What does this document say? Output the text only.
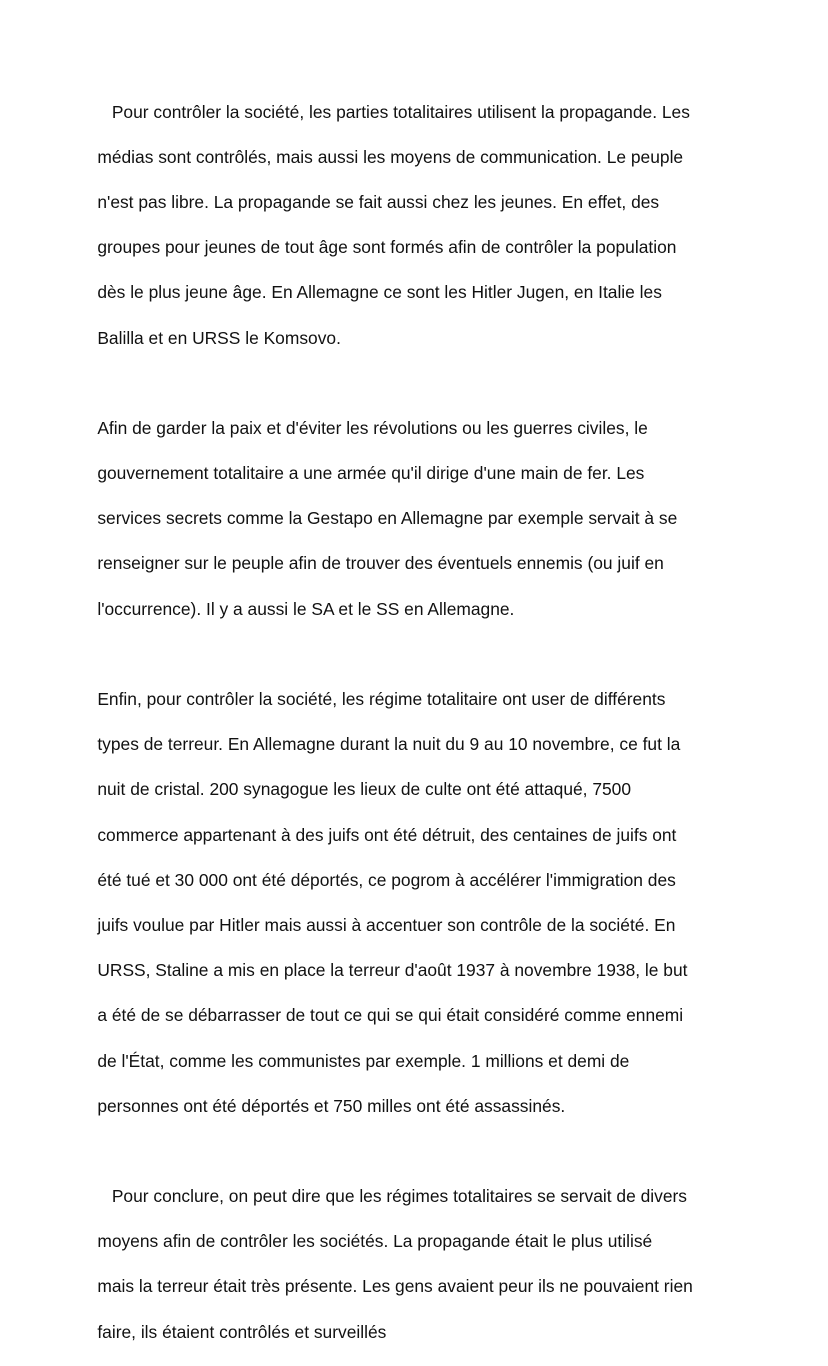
Pour contrôler la société, les parties totalitaires utilisent la propagande. Les

médias sont contrôlés, mais aussi les moyens de communication. Le peuple

n'est pas libre. La propagande se fait aussi chez les jeunes. En effet, des

groupes pour jeunes de tout âge sont formés afin de contrôler la population

dès le plus jeune âge. En Allemagne ce sont les Hitler Jugen, en Italie les

Balilla et en URSS le Komsovo.

Afin de garder la paix et d'éviter les révolutions ou les guerres civiles, le

gouvernement totalitaire a une armée qu'il dirige d'une main de fer. Les

services secrets comme la Gestapo en Allemagne par exemple servait à se

renseigner sur le peuple afin de trouver des éventuels ennemis (ou juif en

l'occurrence). Il y a aussi le SA et le SS en Allemagne.

Enfin, pour contrôler la société, les régime totalitaire ont user de différents

types de terreur. En Allemagne durant la nuit du 9 au 10 novembre, ce fut la

nuit de cristal. 200 synagogue les lieux de culte ont été attaqué, 7500

commerce appartenant à des juifs ont été détruit, des centaines de juifs ont

été tué et 30 000 ont été déportés, ce pogrom à accélérer l'immigration des

juifs voulue par Hitler mais aussi à accentuer son contrôle de la société. En

URSS, Staline a mis en place la terreur d'août 1937 à novembre 1938, le but

a été de se débarrasser de tout ce qui se qui était considéré comme ennemi

de l'État, comme les communistes par exemple. 1 millions et demi de

personnes ont été déportés et 750 milles ont été assassinés.

Pour conclure, on peut dire que les régimes totalitaires se servait de divers

moyens afin de contrôler les sociétés. La propagande était le plus utilisé

mais la terreur était très présente. Les gens avaient peur ils ne pouvaient rien

faire, ils étaient contrôlés et surveillés
